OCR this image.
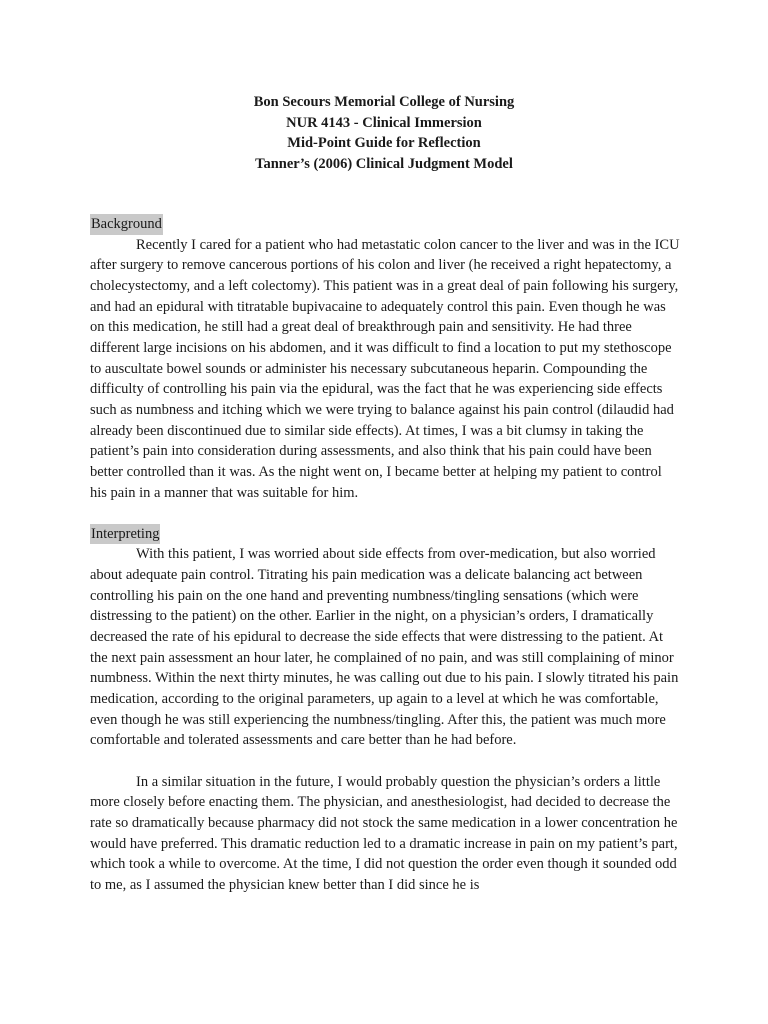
Bon Secours Memorial College of Nursing
NUR 4143 - Clinical Immersion
Mid-Point Guide for Reflection
Tanner’s (2006) Clinical Judgment Model
Background

Recently I cared for a patient who had metastatic colon cancer to the liver and was in the ICU after surgery to remove cancerous portions of his colon and liver (he received a right hepatectomy, a cholecystectomy, and a left colectomy). This patient was in a great deal of pain following his surgery, and had an epidural with titratable bupivacaine to adequately control this pain. Even though he was on this medication, he still had a great deal of breakthrough pain and sensitivity. He had three different large incisions on his abdomen, and it was difficult to find a location to put my stethoscope to auscultate bowel sounds or administer his necessary subcutaneous heparin. Compounding the difficulty of controlling his pain via the epidural, was the fact that he was experiencing side effects such as numbness and itching which we were trying to balance against his pain control (dilaudid had already been discontinued due to similar side effects). At times, I was a bit clumsy in taking the patient’s pain into consideration during assessments, and also think that his pain could have been better controlled than it was. As the night went on, I became better at helping my patient to control his pain in a manner that was suitable for him.

Interpreting

With this patient, I was worried about side effects from over-medication, but also worried about adequate pain control. Titrating his pain medication was a delicate balancing act between controlling his pain on the one hand and preventing numbness/tingling sensations (which were distressing to the patient) on the other. Earlier in the night, on a physician’s orders, I dramatically decreased the rate of his epidural to decrease the side effects that were distressing to the patient. At the next pain assessment an hour later, he complained of no pain, and was still complaining of minor numbness. Within the next thirty minutes, he was calling out due to his pain. I slowly titrated his pain medication, according to the original parameters, up again to a level at which he was comfortable, even though he was still experiencing the numbness/tingling. After this, the patient was much more comfortable and tolerated assessments and care better than he had before.

In a similar situation in the future, I would probably question the physician’s orders a little more closely before enacting them. The physician, and anesthesiologist, had decided to decrease the rate so dramatically because pharmacy did not stock the same medication in a lower concentration he would have preferred. This dramatic reduction led to a dramatic increase in pain on my patient’s part, which took a while to overcome. At the time, I did not question the order even though it sounded odd to me, as I assumed the physician knew better than I did since he is
